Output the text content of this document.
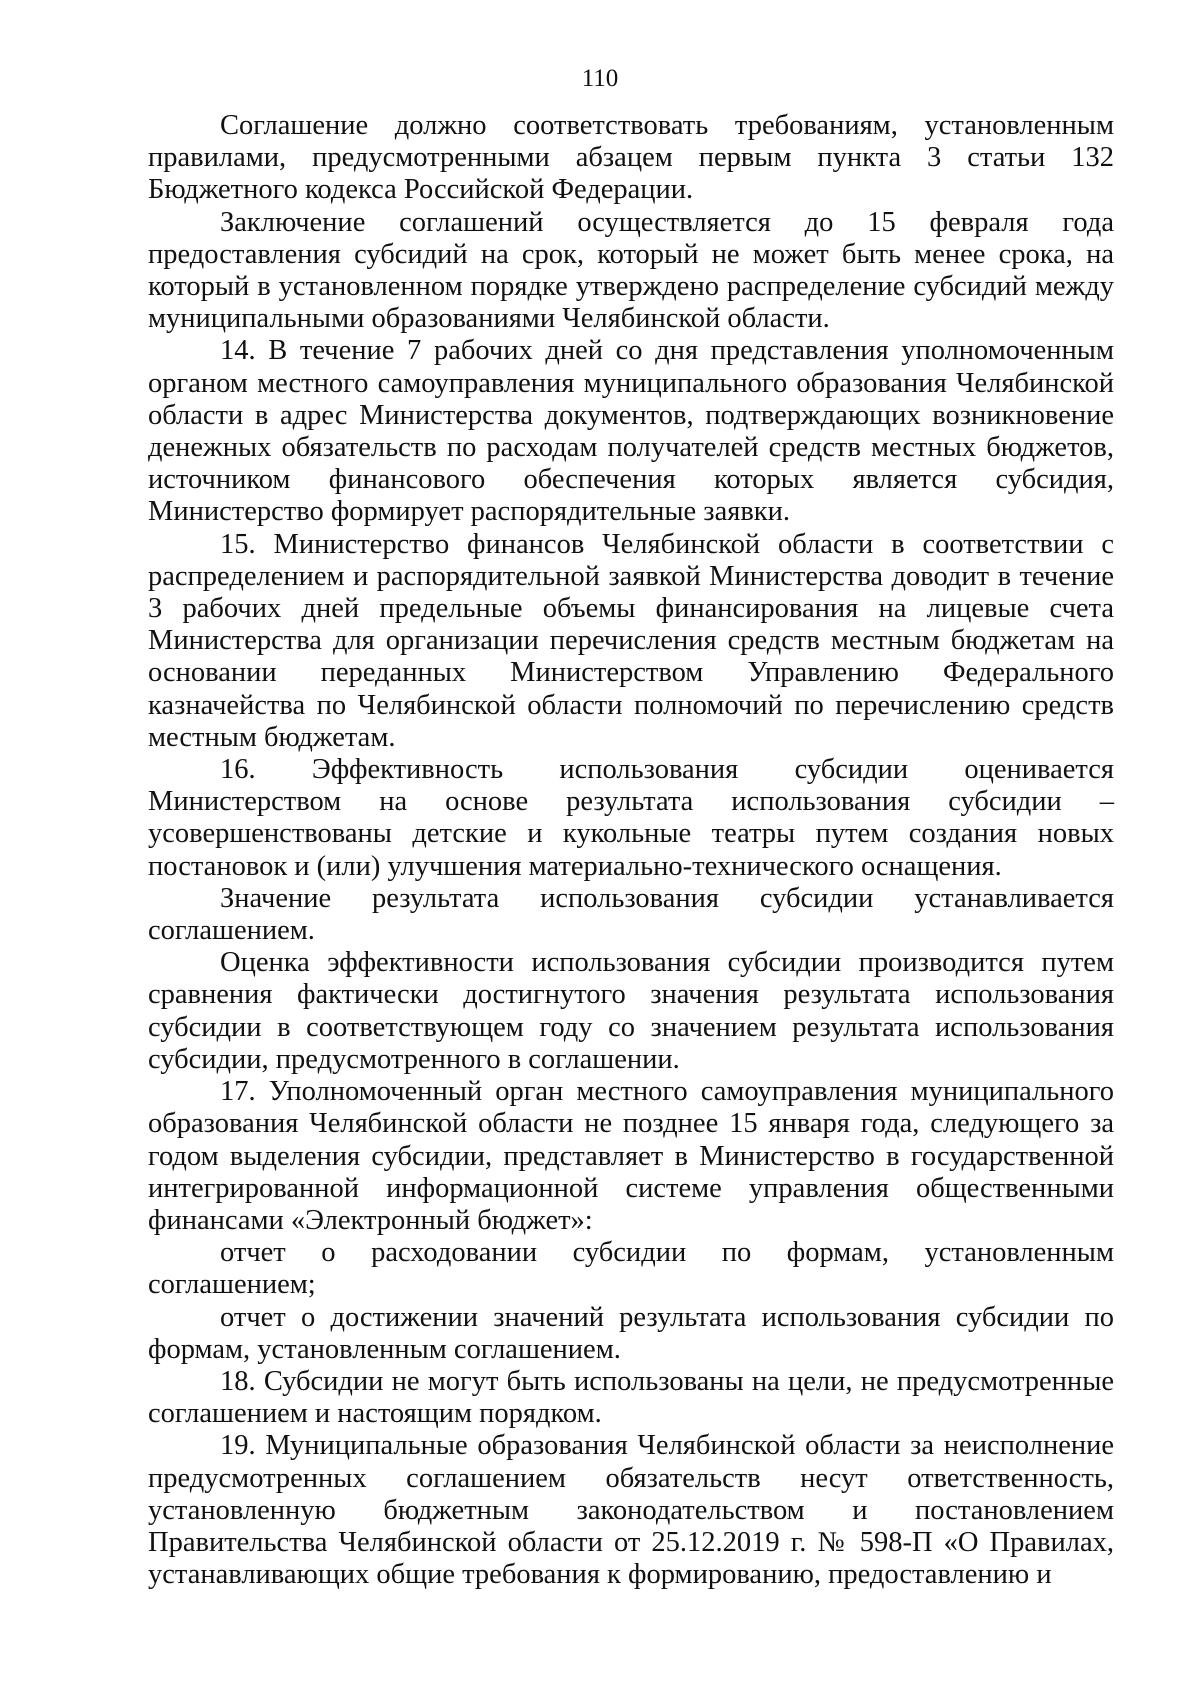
110

Соглашение должно соответствовать требованиям, установленным правилами, предусмотренными абзацем первым пункта 3 статьи 132 Бюджетного кодекса Российской Федерации.

Заключение соглашений осуществляется до 15 февраля года предоставления субсидий на срок, который не может быть менее срока, на который в установленном порядке утверждено распределение субсидий между муниципальными образованиями Челябинской области.

14. В течение 7 рабочих дней со дня представления уполномоченным органом местного самоуправления муниципального образования Челябинской области в адрес Министерства документов, подтверждающих возникновение денежных обязательств по расходам получателей средств местных бюджетов, источником финансового обеспечения которых является субсидия, Министерство формирует распорядительные заявки.

15. Министерство финансов Челябинской области в соответствии с распределением и распорядительной заявкой Министерства доводит в течение 3 рабочих дней предельные объемы финансирования на лицевые счета Министерства для организации перечисления средств местным бюджетам на основании переданных Министерством Управлению Федерального казначейства по Челябинской области полномочий по перечислению средств местным бюджетам.

16. Эффективность использования субсидии оценивается Министерством на основе результата использования субсидии – усовершенствованы детские и кукольные театры путем создания новых постановок и (или) улучшения материально-технического оснащения.

Значение результата использования субсидии устанавливается соглашением.

Оценка эффективности использования субсидии производится путем сравнения фактически достигнутого значения результата использования субсидии в соответствующем году со значением результата использования субсидии, предусмотренного в соглашении.

17. Уполномоченный орган местного самоуправления муниципального образования Челябинской области не позднее 15 января года, следующего за годом выделения субсидии, представляет в Министерство в государственной интегрированной информационной системе управления общественными финансами «Электронный бюджет»:

отчет о расходовании субсидии по формам, установленным соглашением;

отчет о достижении значений результата использования субсидии по формам, установленным соглашением.

18. Субсидии не могут быть использованы на цели, не предусмотренные соглашением и настоящим порядком.

19. Муниципальные образования Челябинской области за неисполнение предусмотренных соглашением обязательств несут ответственность, установленную бюджетным законодательством и постановлением Правительства Челябинской области от 25.12.2019 г. № 598-П «О Правилах, устанавливающих общие требования к формированию, предоставлению и
